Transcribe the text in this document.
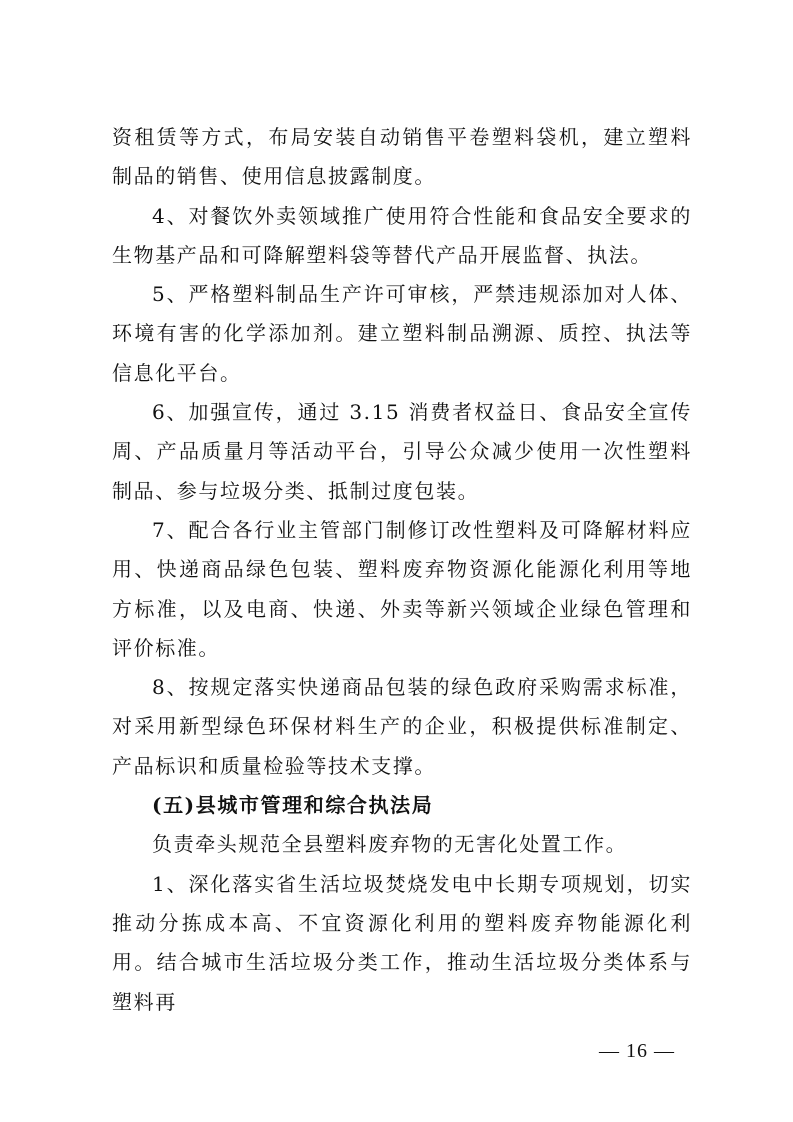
资租赁等方式，布局安装自动销售平卷塑料袋机，建立塑料制品的销售、使用信息披露制度。

4、对餐饮外卖领域推广使用符合性能和食品安全要求的生物基产品和可降解塑料袋等替代产品开展监督、执法。

5、严格塑料制品生产许可审核，严禁违规添加对人体、环境有害的化学添加剂。建立塑料制品溯源、质控、执法等信息化平台。

6、加强宣传，通过 3.15 消费者权益日、食品安全宣传周、产品质量月等活动平台，引导公众减少使用一次性塑料制品、参与垃圾分类、抵制过度包装。

7、配合各行业主管部门制修订改性塑料及可降解材料应用、快递商品绿色包装、塑料废弃物资源化能源化利用等地方标准，以及电商、快递、外卖等新兴领域企业绿色管理和评价标准。

8、按规定落实快递商品包装的绿色政府采购需求标准，对采用新型绿色环保材料生产的企业，积极提供标准制定、产品标识和质量检验等技术支撑。

(五)县城市管理和综合执法局

负责牵头规范全县塑料废弃物的无害化处置工作。

1、深化落实省生活垃圾焚烧发电中长期专项规划，切实推动分拣成本高、不宜资源化利用的塑料废弃物能源化利用。结合城市生活垃圾分类工作，推动生活垃圾分类体系与塑料再

— 16 —
